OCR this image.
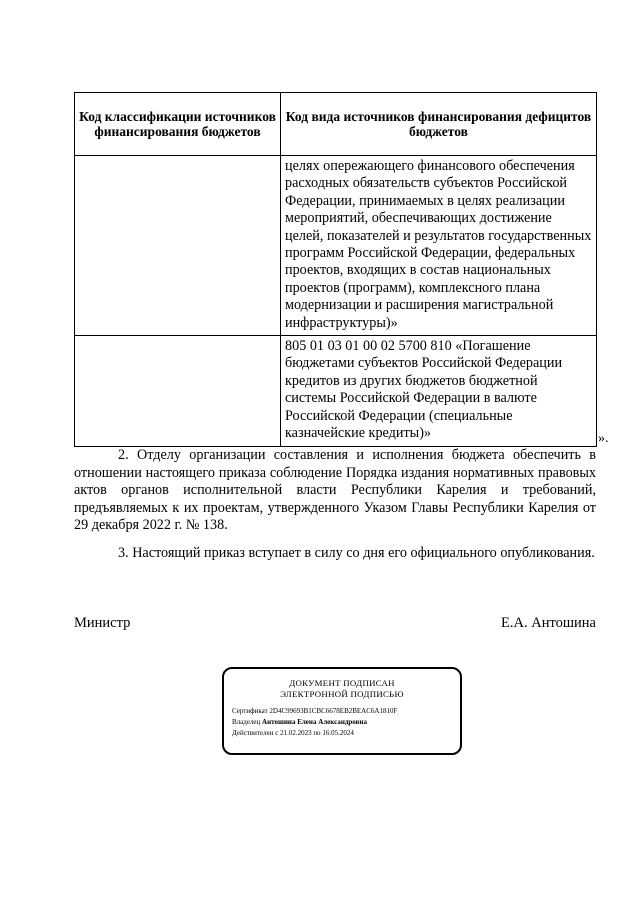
Код классификации источников финансирования бюджетов	Код вида источников финансирования дефицитов бюджетов
	целях опережающего финансового обеспечения расходных обязательств субъектов Российской Федерации, принимаемых в целях реализации мероприятий, обеспечивающих достижение целей, показателей и результатов государственных программ Российской Федерации, федеральных проектов, входящих в состав национальных проектов (программ), комплексного плана модернизации и расширения магистральной инфраструктуры)»
	805 01 03 01 00 02 5700 810 «Погашение бюджетами субъектов Российской Федерации кредитов из других бюджетов бюджетной системы Российской Федерации в валюте Российской Федерации (специальные казначейские кредиты)»	».

2. Отделу организации составления и исполнения бюджета обеспечить в отношении настоящего приказа соблюдение Порядка издания нормативных правовых актов органов исполнительной власти Республики Карелия и требований, предъявляемых к их проектам, утвержденного Указом Главы Республики Карелия от 29 декабря 2022 г. № 138.

3. Настоящий приказ вступает в силу со дня его официального опубликования.

Министр	Е.А. Антошина
ДОКУМЕНТ ПОДПИСАН
ЭЛЕКТРОННОЙ ПОДПИСЬЮ
Сертификат 2D4C99693B1CBC6678EB2BEAC6A1810F
Владелец Антошина Елена Александровна
Действителен с 21.02.2023 по 16.05.2024
